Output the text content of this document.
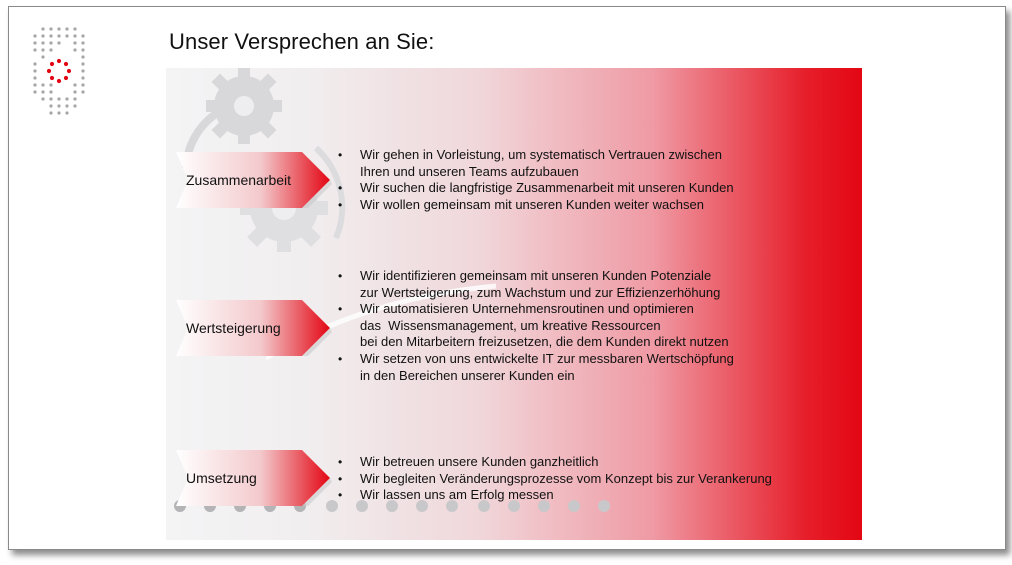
Unser Versprechen an Sie:
Zusammenarbeit
• Wir gehen in Vorleistung, um systematisch Vertrauen zwischen
Ihren und unseren Teams aufzubauen
• Wir suchen die langfristige Zusammenarbeit mit unseren Kunden
• Wir wollen gemeinsam mit unseren Kunden weiter wachsen
Wertsteigerung
• Wir identifizieren gemeinsam mit unseren Kunden Potenziale
zur Wertsteigerung, zum Wachstum und zur Effizienzerhöhung
• Wir automatisieren Unternehmensroutinen und optimieren
das  Wissensmanagement, um kreative Ressourcen
bei den Mitarbeitern freizusetzen, die dem Kunden direkt nutzen
• Wir setzen von uns entwickelte IT zur messbaren Wertschöpfung
in den Bereichen unserer Kunden ein
Umsetzung
• Wir betreuen unsere Kunden ganzheitlich
• Wir begleiten Veränderungsprozesse vom Konzept bis zur Verankerung
• Wir lassen uns am Erfolg messen
